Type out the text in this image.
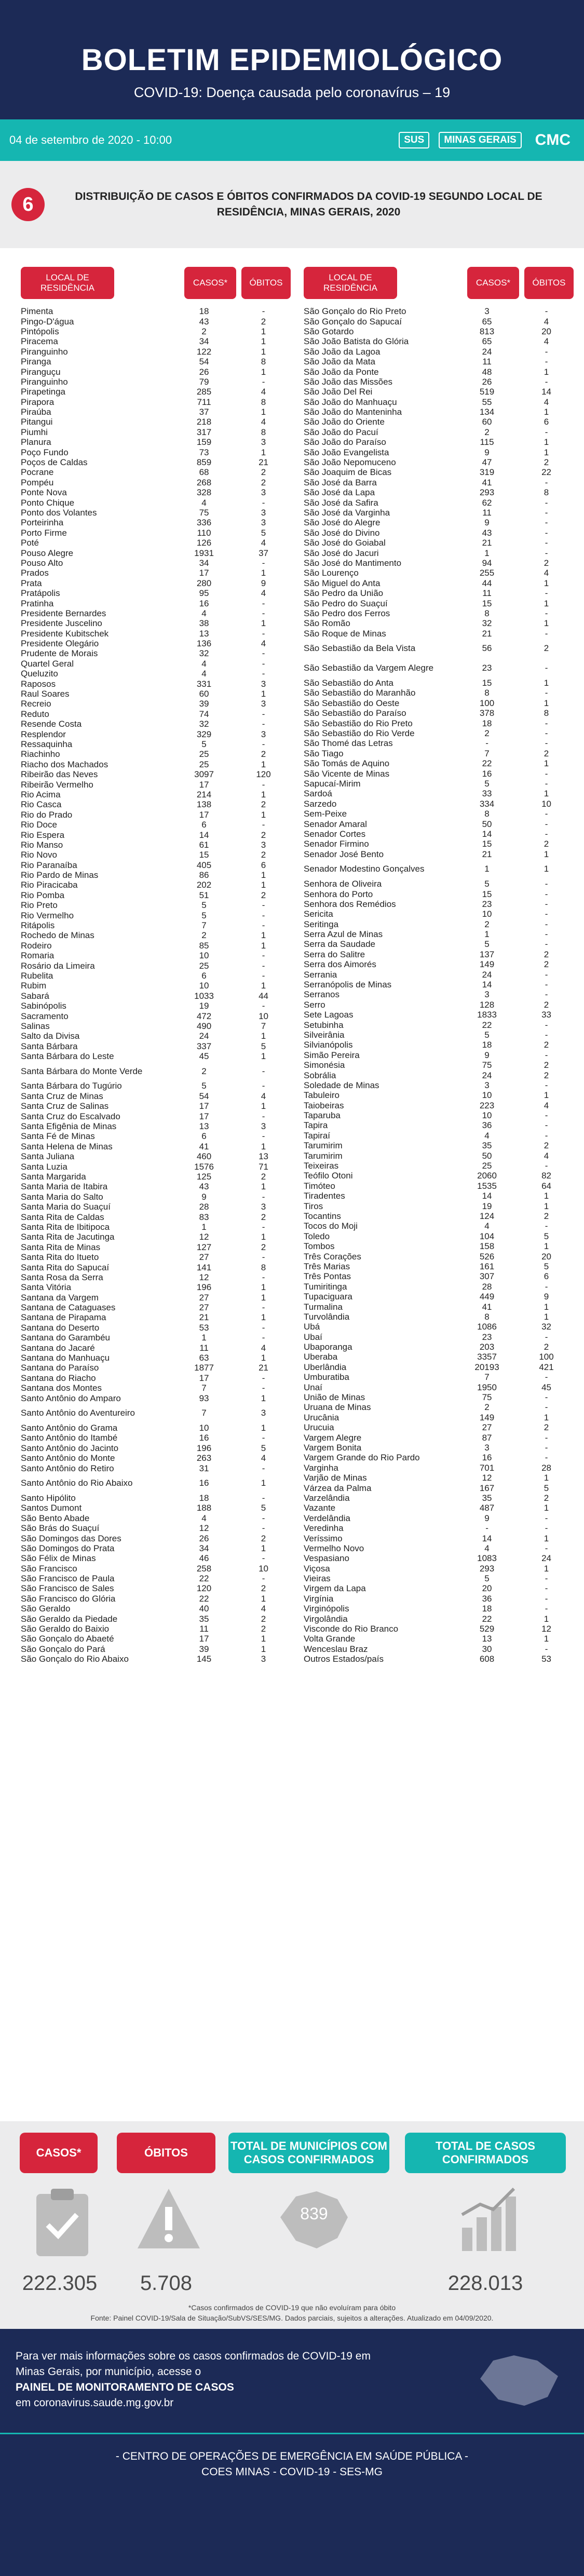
BOLETIM EPIDEMIOLÓGICO
COVID-19: Doença causada pelo coronavírus – 19
04 de setembro de 2020 - 10:00	SUS	MINAS GERAIS	CMC
6	DISTRIBUIÇÃO DE CASOS E ÓBITOS CONFIRMADOS DA COVID-19 SEGUNDO LOCAL DE RESIDÊNCIA, MINAS GERAIS, 2020
LOCAL DE RESIDÊNCIA
CASOS*	ÓBITOS
Pimenta	18	-
Pingo-D'água	43	2
Pintópolis	2	1
Piracema	34	1
Piranguinho	122	1
Piranga	54	8
Piranguçu	26	1
Piranguinho	79	-
Pirapetinga	285	4
Pirapora	711	8
Piraúba	37	1
Pitangui	218	4
Piumhi	317	8
Planura	159	3
Poço Fundo	73	1
Poços de Caldas	859	21
Pocrane	68	2
Pompéu	268	2
Ponte Nova	328	3
Ponto Chique	4	-
Ponto dos Volantes	75	3
Porteirinha	336	3
Porto Firme	110	5
Poté	126	4
Pouso Alegre	1931	37
Pouso Alto	34	-
Prados	17	1
Prata	280	9
Pratápolis	95	4
Pratinha	16	-
Presidente Bernardes	4	-
Presidente Juscelino	38	1
Presidente Kubitschek	13	-
Presidente Olegário	136	4
Prudente de Morais	32	-
Quartel Geral	4	-
Queluzito	4	-
Raposos	331	3
Raul Soares	60	1
Recreio	39	3
Reduto	74	-
Resende Costa	32	-
Resplendor	329	3
Ressaquinha	5	-
Riachinho	25	2
Riacho dos Machados	25	1
Ribeirão das Neves	3097	120
Ribeirão Vermelho	17	-
Rio Acima	214	1
Rio Casca	138	2
Rio do Prado	17	1
Rio Doce	6	-
Rio Espera	14	2
Rio Manso	61	3
Rio Novo	15	2
Rio Paranaíba	405	6
Rio Pardo de Minas	86	1
Rio Piracicaba	202	1
Rio Pomba	51	2
Rio Preto	5	-
Rio Vermelho	5	-
Ritápolis	7	-
Rochedo de Minas	2	1
Rodeiro	85	1
Romaria	10	-
Rosário da Limeira	25	-
Rubelita	6	-
Rubim	10	1
Sabará	1033	44
Sabinópolis	19	-
Sacramento	472	10
Salinas	490	7
Salto da Divisa	24	1
Santa Bárbara	337	5
Santa Bárbara do Leste	45	1
Santa Bárbara do Monte Verde	2	-
Santa Bárbara do Tugúrio	5	-
Santa Cruz de Minas	54	4
Santa Cruz de Salinas	17	1
Santa Cruz do Escalvado	17	-
Santa Efigênia de Minas	13	3
Santa Fé de Minas	6	-
Santa Helena de Minas	41	1
Santa Juliana	460	13
Santa Luzia	1576	71
Santa Margarida	125	2
Santa Maria de Itabira	43	1
Santa Maria do Salto	9	-
Santa Maria do Suaçuí	28	3
Santa Rita de Caldas	83	2
Santa Rita de Ibitipoca	1	-
Santa Rita de Jacutinga	12	1
Santa Rita de Minas	127	2
Santa Rita do Itueto	27	-
Santa Rita do Sapucaí	141	8
Santa Rosa da Serra	12	-
Santa Vitória	196	1
Santana da Vargem	27	1
Santana de Cataguases	27	-
Santana de Pirapama	21	1
Santana do Deserto	53	-
Santana do Garambéu	1	-
Santana do Jacaré	11	4
Santana do Manhuaçu	63	1
Santana do Paraíso	1877	21
Santana do Riacho	17	-
Santana dos Montes	7	-
Santo Antônio do Amparo	93	1
Santo Antônio do Aventureiro	7	3
Santo Antônio do Grama	10	1
Santo Antônio do Itambé	16	-
Santo Antônio do Jacinto	196	5
Santo Antônio do Monte	263	4
Santo Antônio do Retiro	31	-
Santo Antônio do Rio Abaixo	16	1
Santo Hipólito	18	-
Santos Dumont	188	5
São Bento Abade	4	-
São Brás do Suaçuí	12	-
São Domingos das Dores	26	2
São Domingos do Prata	34	1
São Félix de Minas	46	-
São Francisco	258	10
São Francisco de Paula	22	-
São Francisco de Sales	120	2
São Francisco do Glória	22	1
São Geraldo	40	4
São Geraldo da Piedade	35	2
São Geraldo do Baixio	11	2
São Gonçalo do Abaeté	17	1
São Gonçalo do Pará	39	1
São Gonçalo do Rio Abaixo	145	3
LOCAL DE RESIDÊNCIA
CASOS*	ÓBITOS
São Gonçalo do Rio Preto	3	-
São Gonçalo do Sapucaí	65	4
São Gotardo	813	20
São João Batista do Glória	65	4
São João da Lagoa	24	-
São João da Mata	11	-
São João da Ponte	48	1
São João das Missões	26	-
São João Del Rei	519	14
São João do Manhuaçu	55	4
São João do Manteninha	134	1
São João do Oriente	60	6
São João do Pacuí	2	-
São João do Paraíso	115	1
São João Evangelista	9	1
São João Nepomuceno	47	2
São Joaquim de Bicas	319	22
São José da Barra	41	-
São José da Lapa	293	8
São José da Safira	62	-
São José da Varginha	11	-
São José do Alegre	9	-
São José do Divino	43	-
São José do Goiabal	21	-
São José do Jacuri	1	-
São José do Mantimento	94	2
São Lourenço	255	4
São Miguel do Anta	44	1
São Pedro da União	11	-
São Pedro do Suaçuí	15	1
São Pedro dos Ferros	8	-
São Romão	32	1
São Roque de Minas	21	-
São Sebastião da Bela Vista	56	2
São Sebastião da Vargem Alegre	23	-
São Sebastião do Anta	15	1
São Sebastião do Maranhão	8	-
São Sebastião do Oeste	100	1
São Sebastião do Paraíso	378	8
São Sebastião do Rio Preto	18	-
São Sebastião do Rio Verde	2	-
São Thomé das Letras	-	-
São Tiago	7	2
São Tomás de Aquino	22	1
São Vicente de Minas	16	-
Sapucaí-Mirim	5	-
Sardoá	33	1
Sarzedo	334	10
Sem-Peixe	8	-
Senador Amaral	50	-
Senador Cortes	14	-
Senador Firmino	15	2
Senador José Bento	21	1
Senador Modestino Gonçalves	1	1
Senhora de Oliveira	5	-
Senhora do Porto	15	-
Senhora dos Remédios	23	-
Sericita	10	-
Seritinga	2	-
Serra Azul de Minas	1	-
Serra da Saudade	5	-
Serra do Salitre	137	2
Serra dos Aimorés	149	2
Serrania	24	-
Serranópolis de Minas	14	-
Serranos	3	-
Serro	128	2
Sete Lagoas	1833	33
Setubinha	22	-
Silveirânia	5	-
Silvianópolis	18	2
Simão Pereira	9	-
Simonésia	75	2
Sobrália	24	2
Soledade de Minas	3	-
Tabuleiro	10	1
Taiobeiras	223	4
Taparuba	10	-
Tapira	36	-
Tapiraí	4	-
Tarumirim	35	2
Tarumirim	50	4
Teixeiras	25	-
Teófilo Otoni	2060	82
Timóteo	1535	64
Tiradentes	14	1
Tiros	19	1
Tocantins	124	2
Tocos do Moji	4	-
Toledo	104	5
Tombos	158	1
Três Corações	526	20
Três Marias	161	5
Três Pontas	307	6
Tumiritinga	28	-
Tupaciguara	449	9
Turmalina	41	1
Turvolândia	8	1
Ubá	1086	32
Ubaí	23	-
Ubaporanga	203	2
Uberaba	3357	100
Uberlândia	20193	421
Umburatiba	7	-
Unaí	1950	45
União de Minas	75	-
Uruana de Minas	2	-
Urucânia	149	1
Urucuia	27	2
Vargem Alegre	87	-
Vargem Bonita	3	-
Vargem Grande do Rio Pardo	16	-
Varginha	701	28
Varjão de Minas	12	1
Várzea da Palma	167	5
Varzelândia	35	2
Vazante	487	1
Verdelândia	9	-
Veredinha	-	-
Veríssimo	14	1
Vermelho Novo	4	-
Vespasiano	1083	24
Viçosa	293	1
Vieiras	5	-
Virgem da Lapa	20	-
Virgínia	36	-
Virginópolis	18	-
Virgolândia	22	1
Visconde do Rio Branco	529	12
Volta Grande	13	1
Wenceslau Braz	30	-
Outros Estados/país	608	53
CASOS*	ÓBITOS
TOTAL DE MUNICÍPIOS COM CASOS CONFIRMADOS
TOTAL DE CASOS CONFIRMADOS
839
222.305	5.708	228.013
*Casos confirmados de COVID-19 que não evoluíram para óbito
Fonte: Painel COVID-19/Sala de Situação/SubVS/SES/MG. Dados parciais, sujeitos a alterações. Atualizado em 04/09/2020.
Para ver mais informações sobre os casos confirmados de COVID-19 em
Minas Gerais, por município, acesse o
PAINEL DE MONITORAMENTO DE CASOS
em coronavirus.saude.mg.gov.br
- CENTRO DE OPERAÇÕES DE EMERGÊNCIA EM SAÚDE PÚBLICA -
COES MINAS - COVID-19 - SES-MG
